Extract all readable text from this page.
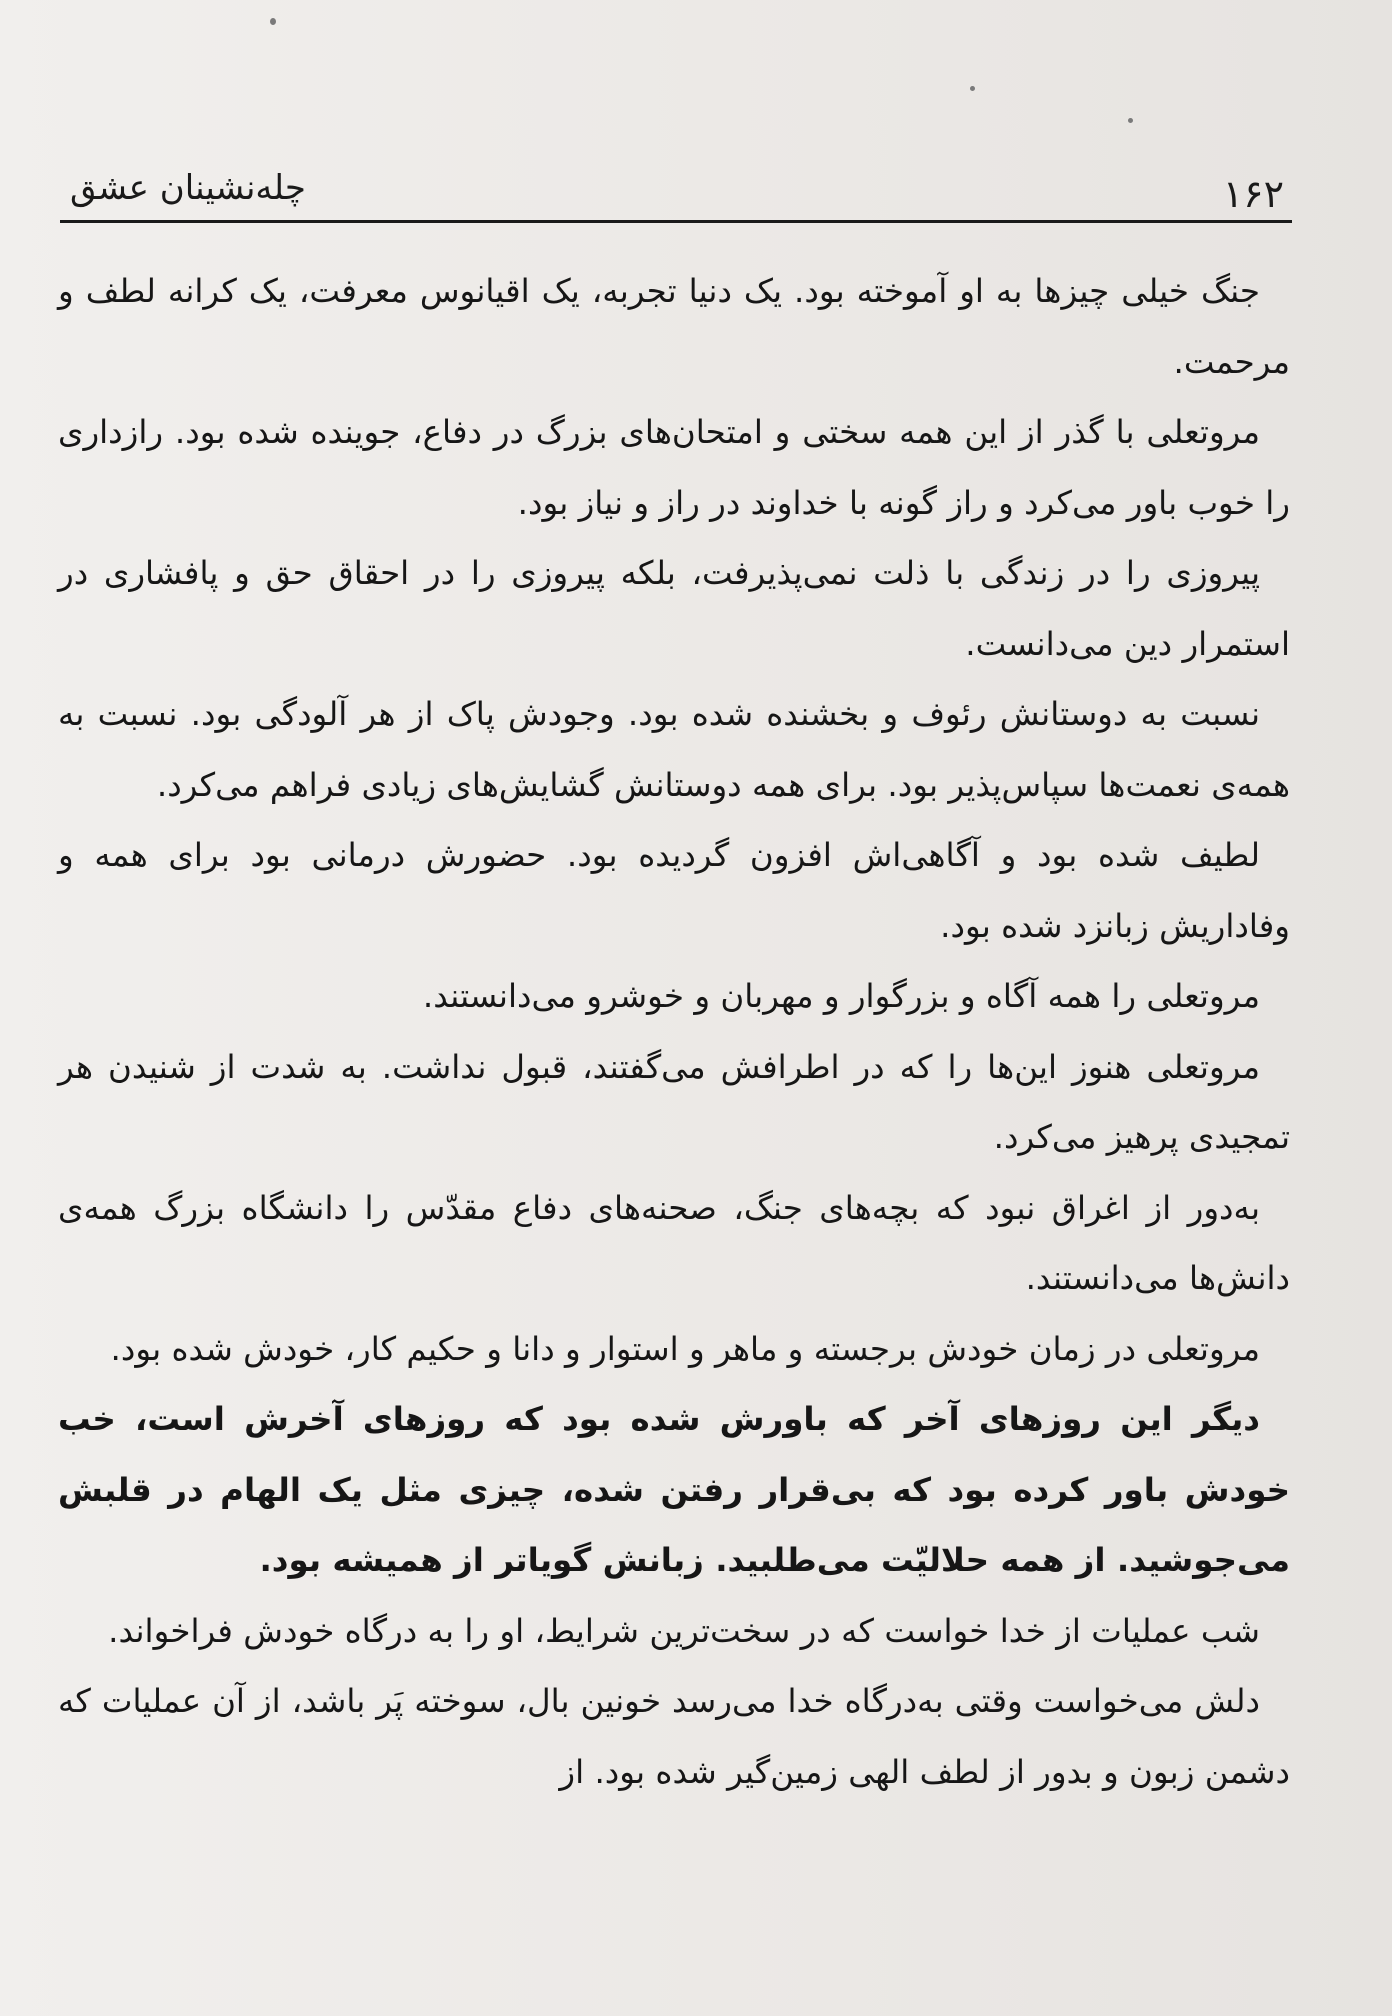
چله‌نشینان عشق	۱۶۲

جنگ خیلی چیزها به او آموخته بود. یک دنیا تجربه، یک اقیانوس معرفت، یک کرانه لطف و مرحمت.

مروتعلی با گذر از این همه سختی و امتحان‌های بزرگ در دفاع، جوینده شده بود. رازداری را خوب باور می‌کرد و راز گونه با خداوند در راز و نیاز بود.

پیروزی را در زندگی با ذلت نمی‌پذیرفت، بلکه پیروزی را در احقاق حق و پافشاری در استمرار دین می‌دانست.

نسبت به دوستانش رئوف و بخشنده شده بود. وجودش پاک از هر آلودگی بود. نسبت به همه‌ی نعمت‌ها سپاس‌پذیر بود. برای همه دوستانش گشایش‌های زیادی فراهم می‌کرد.

لطیف شده بود و آگاهی‌اش افزون گردیده بود. حضورش درمانی بود برای همه و وفاداریش زبانزد شده بود.

مروتعلی را همه آگاه و بزرگوار و مهربان و خوشرو می‌دانستند.

مروتعلی هنوز این‌ها را که در اطرافش می‌گفتند، قبول نداشت. به شدت از شنیدن هر تمجیدی پرهیز می‌کرد.

به‌دور از اغراق نبود که بچه‌های جنگ، صحنه‌های دفاع مقدّس را دانشگاه بزرگ همه‌ی دانش‌ها می‌دانستند.

مروتعلی در زمان خودش برجسته و ماهر و استوار و دانا و حکیم کار، خودش شده بود.

دیگر این روزهای آخر که باورش شده بود که روزهای آخرش است، خب خودش باور کرده بود که بی‌قرار رفتن شده، چیزی مثل یک الهام در قلبش می‌جوشید. از همه حلالیّت می‌طلبید. زبانش گویاتر از همیشه بود.

شب عملیات از خدا خواست که در سخت‌ترین شرایط، او را به درگاه خودش فراخواند.

دلش می‌خواست وقتی به‌درگاه خدا می‌رسد خونین بال، سوخته پَر باشد، از آن عملیات که دشمن زبون و بدور از لطف الهی زمین‌گیر شده بود. از
